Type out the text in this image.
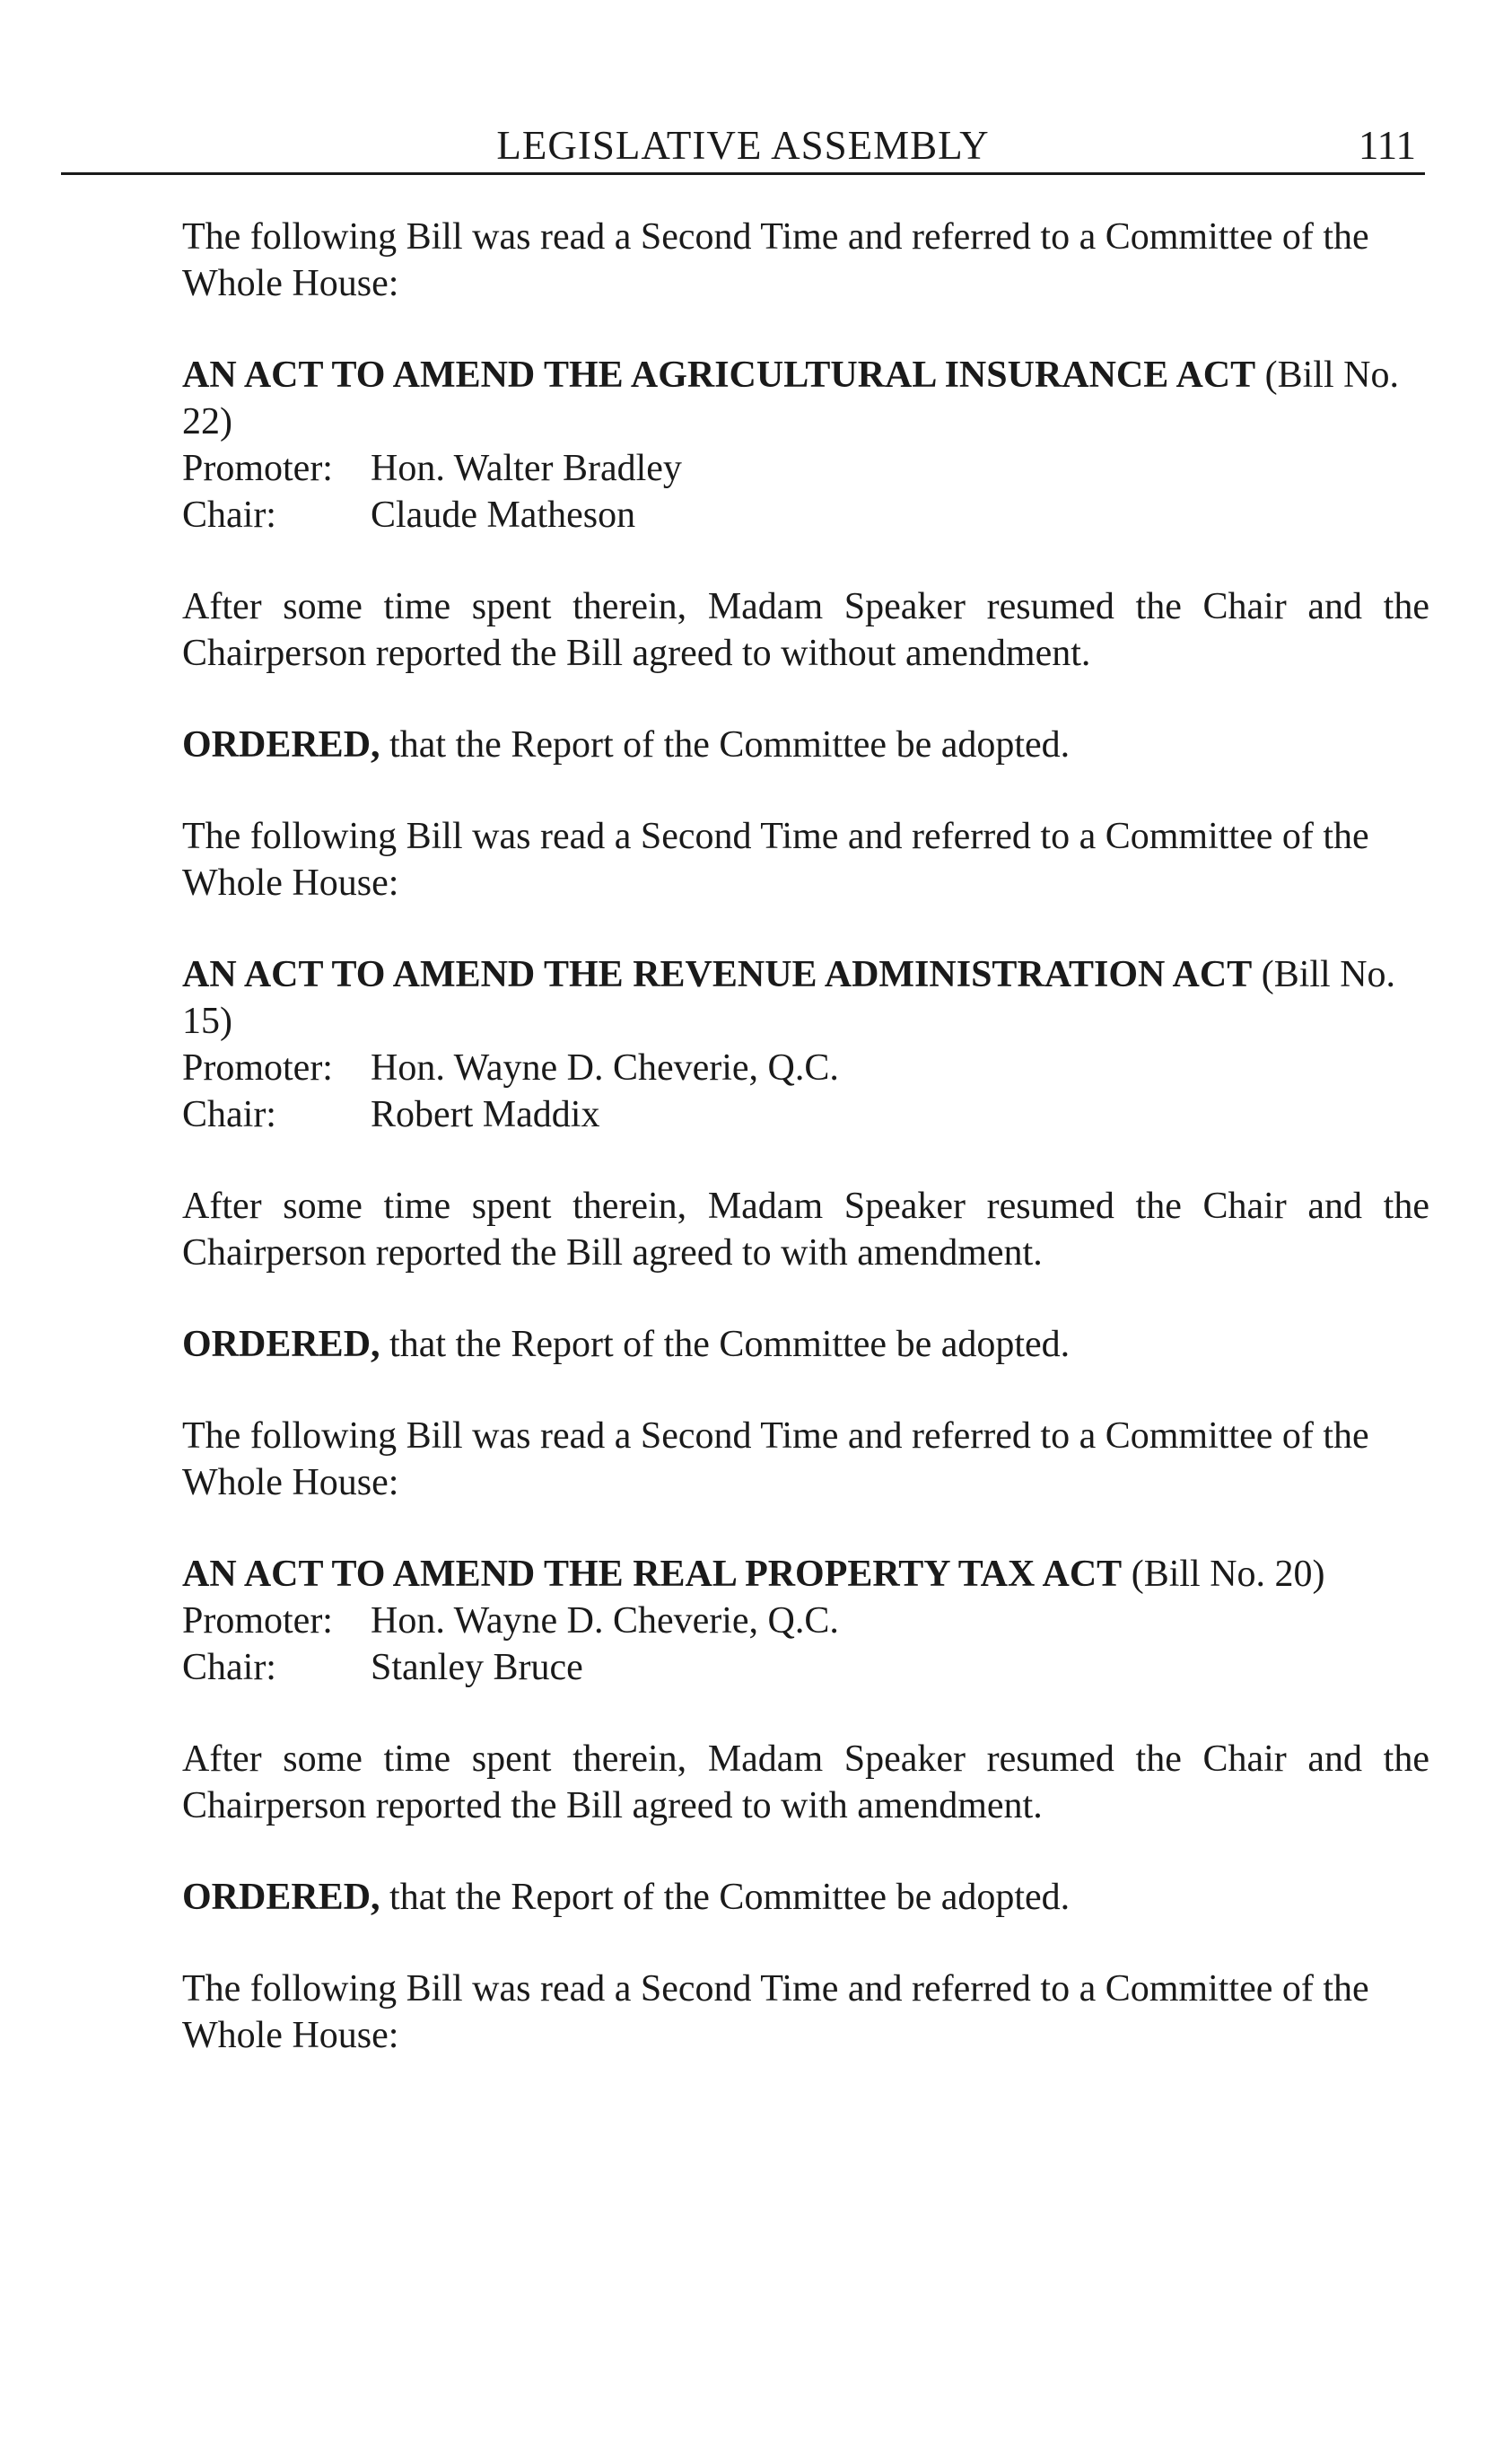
LEGISLATIVE ASSEMBLY	111

The following Bill was read a Second Time and referred to a Committee of the Whole House:

AN ACT TO AMEND THE AGRICULTURAL INSURANCE ACT (Bill No. 22)

Promoter:	Hon. Walter Bradley
Chair:	Claude Matheson

After some time spent therein, Madam Speaker resumed the Chair and the Chairperson reported the Bill agreed to without amendment.

ORDERED, that the Report of the Committee be adopted.

The following Bill was read a Second Time and referred to a Committee of the Whole House:

AN ACT TO AMEND THE REVENUE ADMINISTRATION ACT (Bill No. 15)

Promoter:	Hon. Wayne D. Cheverie, Q.C.
Chair:	Robert Maddix

After some time spent therein, Madam Speaker resumed the Chair and the Chairperson reported the Bill agreed to with amendment.

ORDERED, that the Report of the Committee be adopted.

The following Bill was read a Second Time and referred to a Committee of the Whole House:

AN ACT TO AMEND THE REAL PROPERTY TAX ACT (Bill No. 20)

Promoter:	Hon. Wayne D. Cheverie, Q.C.
Chair:	Stanley Bruce

After some time spent therein, Madam Speaker resumed the Chair and the Chairperson reported the Bill agreed to with amendment.

ORDERED, that the Report of the Committee be adopted.

The following Bill was read a Second Time and referred to a Committee of the Whole House:
